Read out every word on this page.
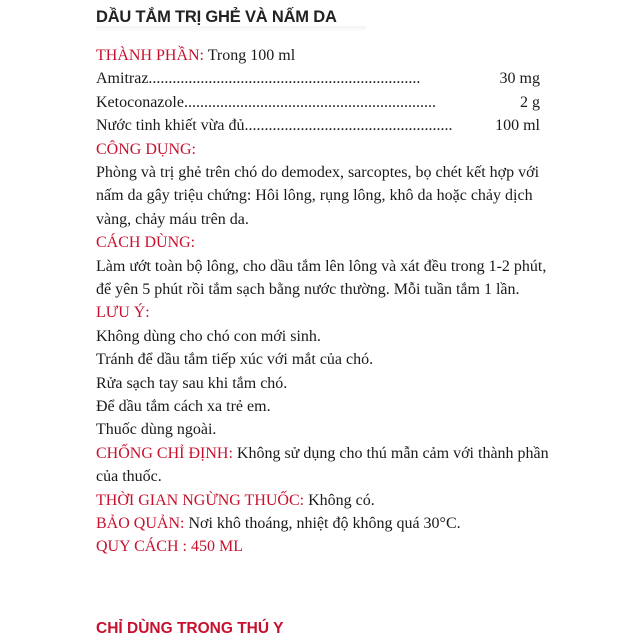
DẦU TẮM TRỊ GHẺ VÀ NẤM DA
THÀNH PHẦN: Trong 100 ml
Amitraz ....................................................................	30 mg
Ketoconazole ...............................................................	2 g
Nước tinh khiết vừa đủ ....................................................	100 ml
CÔNG DỤNG:
Phòng và trị ghẻ trên chó do demodex, sarcoptes, bọ chét kết hợp với nấm da gây triệu chứng: Hôi lông, rụng lông, khô da hoặc chảy dịch vàng, chảy máu trên da.
CÁCH DÙNG:
Làm ướt toàn bộ lông, cho dầu tắm lên lông và xát đều trong 1-2 phút, để yên 5 phút rồi tắm sạch bằng nước thường. Mỗi tuần tắm 1 lần.
LƯU Ý:
Không dùng cho chó con mới sinh.
Tránh để dầu tắm tiếp xúc với mắt của chó.
Rửa sạch tay sau khi tắm chó.
Để dầu tắm cách xa trẻ em.
Thuốc dùng ngoài.
CHỐNG CHỈ ĐỊNH: Không sử dụng cho thú mẫn cảm với thành phần của thuốc.
THỜI GIAN NGỪNG THUỐC: Không có.
BẢO QUẢN: Nơi khô thoáng, nhiệt độ không quá 30°C.
QUY CÁCH : 450 ML
CHỈ DÙNG TRONG THÚ Y
